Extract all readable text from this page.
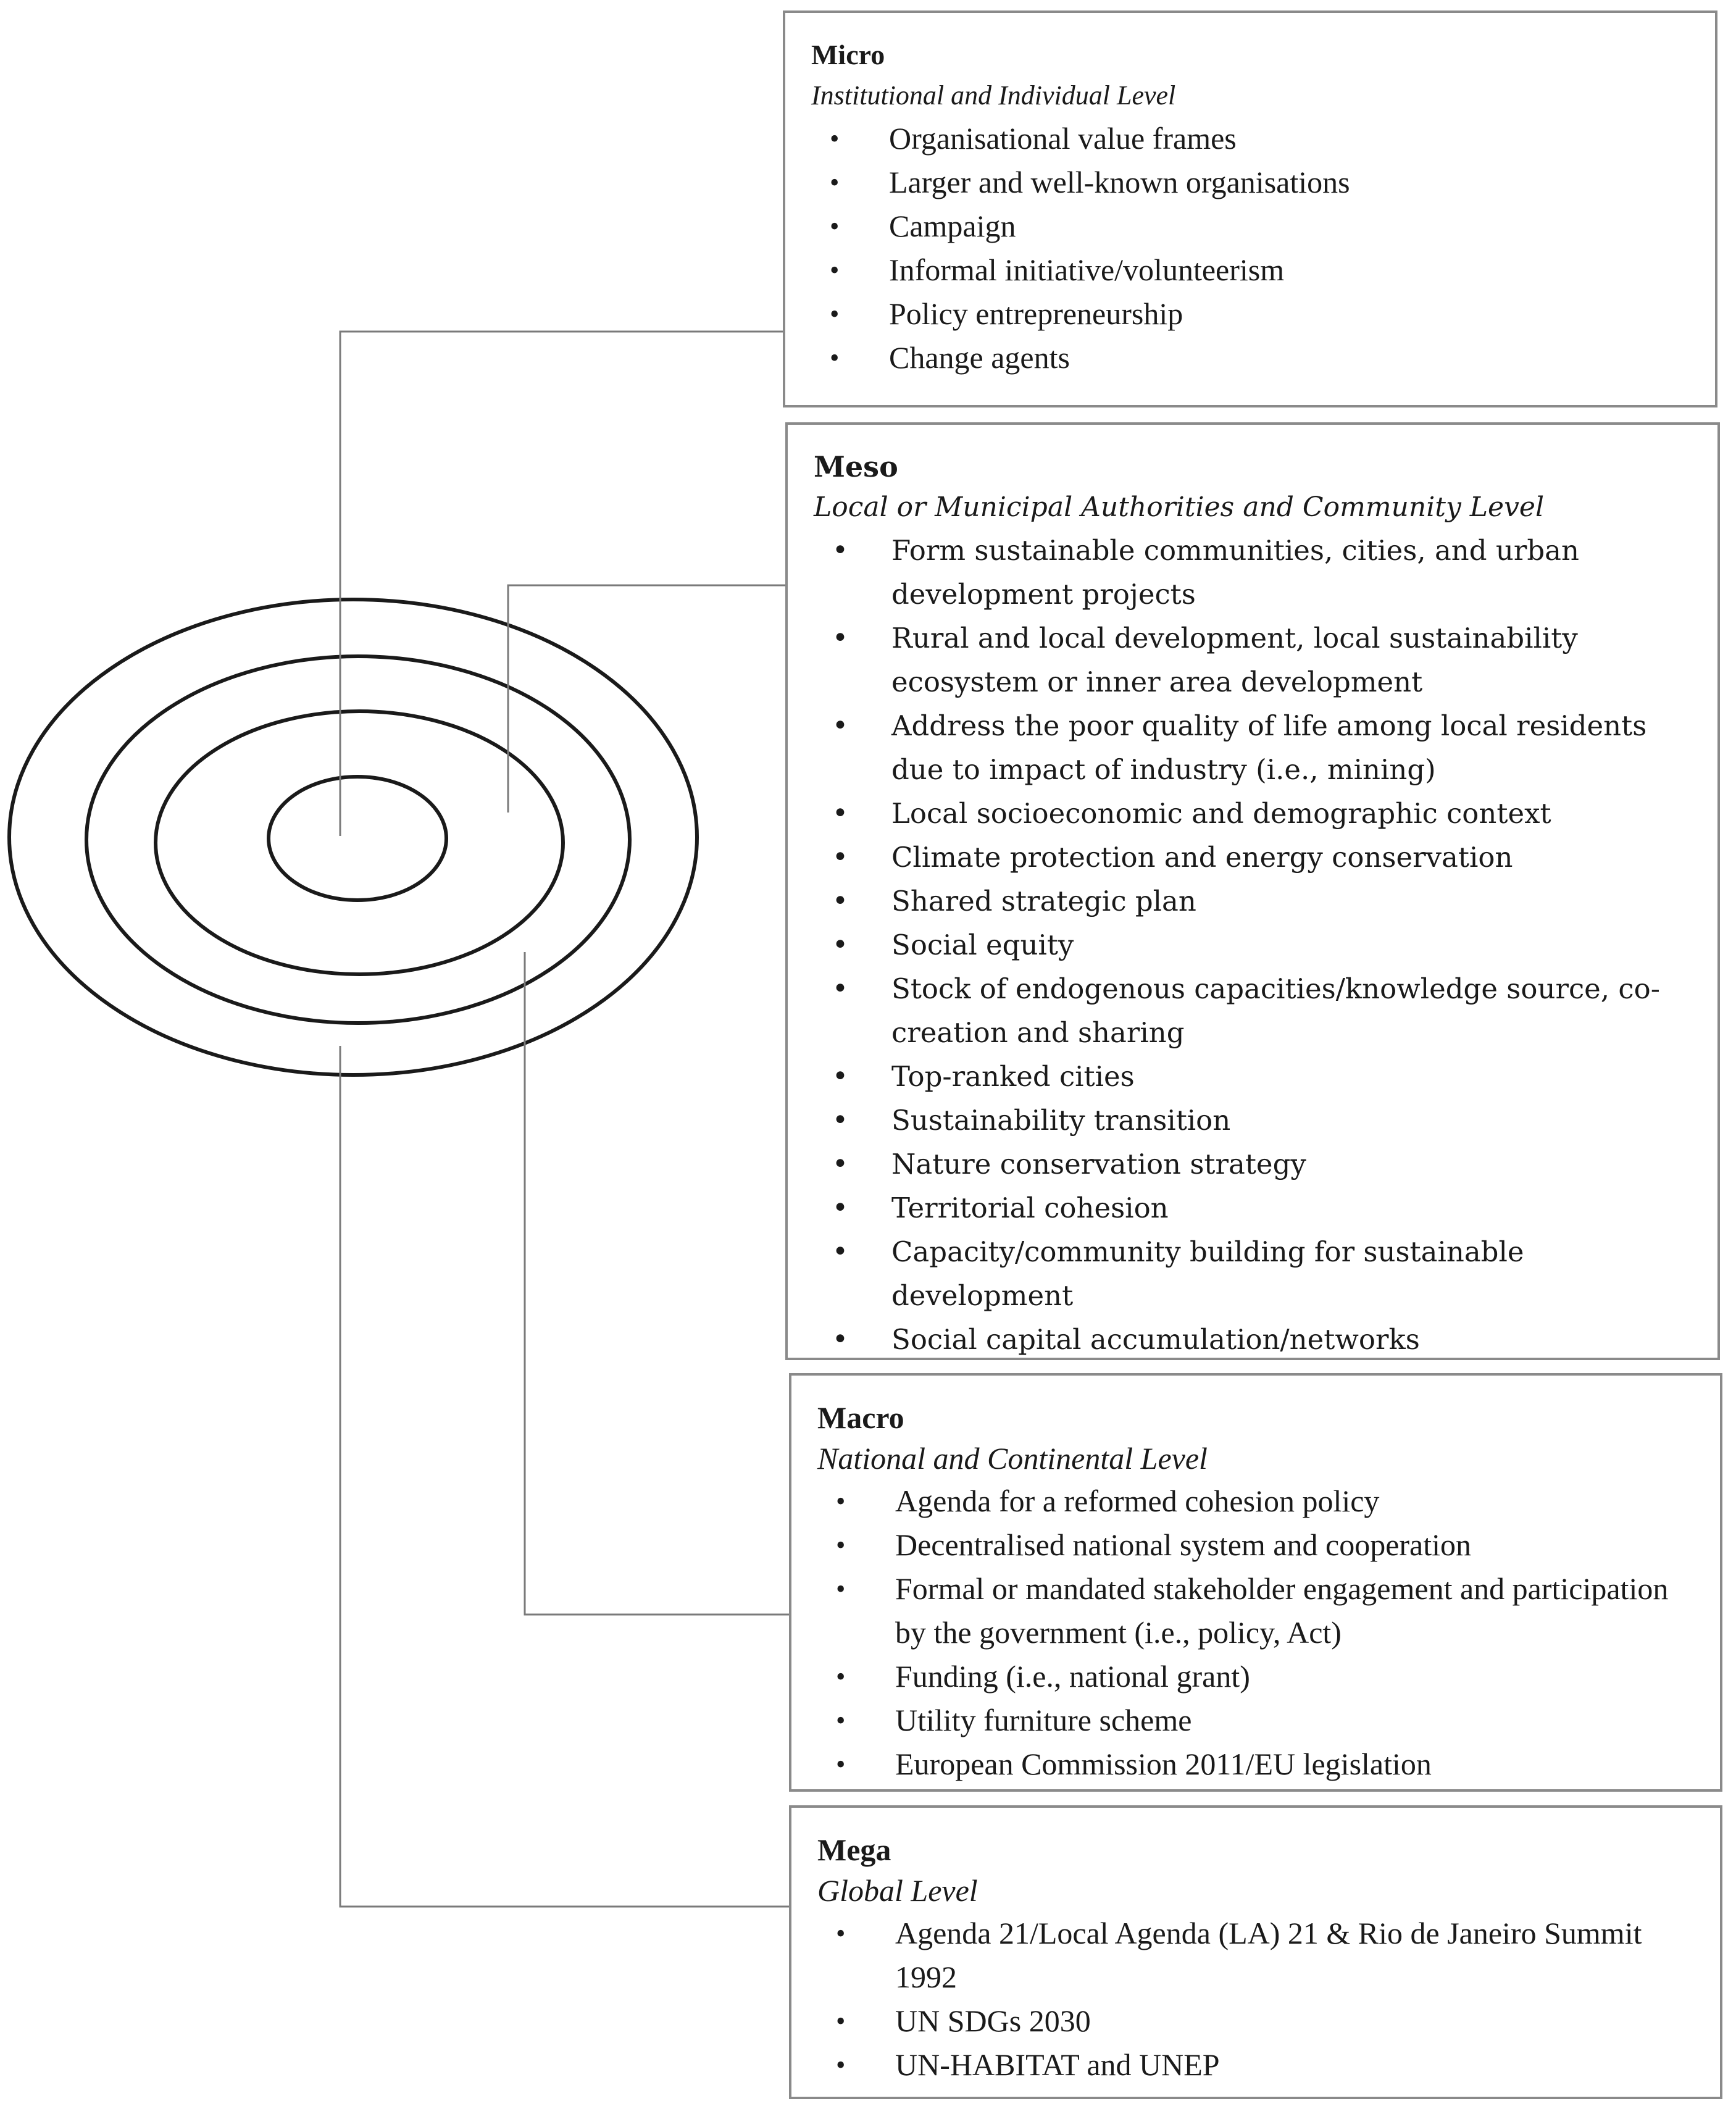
Micro
Institutional and Individual Level
• Organisational value frames
• Larger and well-known organisations
• Campaign
• Informal initiative/volunteerism
• Policy entrepreneurship
• Change agents
Meso
Local or Municipal Authorities and Community Level
• Form sustainable communities, cities, and urban development projects
• Rural and local development, local sustainability ecosystem or inner area development
• Address the poor quality of life among local residents due to impact of industry (i.e., mining)
• Local socioeconomic and demographic context
• Climate protection and energy conservation
• Shared strategic plan
• Social equity
• Stock of endogenous capacities/knowledge source, co-creation and sharing
• Top-ranked cities
• Sustainability transition
• Nature conservation strategy
• Territorial cohesion
• Capacity/community building for sustainable development
• Social capital accumulation/networks
Macro
National and Continental Level
• Agenda for a reformed cohesion policy
• Decentralised national system and cooperation
• Formal or mandated stakeholder engagement and participation by the government (i.e., policy, Act)
• Funding (i.e., national grant)
• Utility furniture scheme
• European Commission 2011/EU legislation
Mega
Global Level
• Agenda 21/Local Agenda (LA) 21 & Rio de Janeiro Summit 1992
• UN SDGs 2030
• UN-HABITAT and UNEP
